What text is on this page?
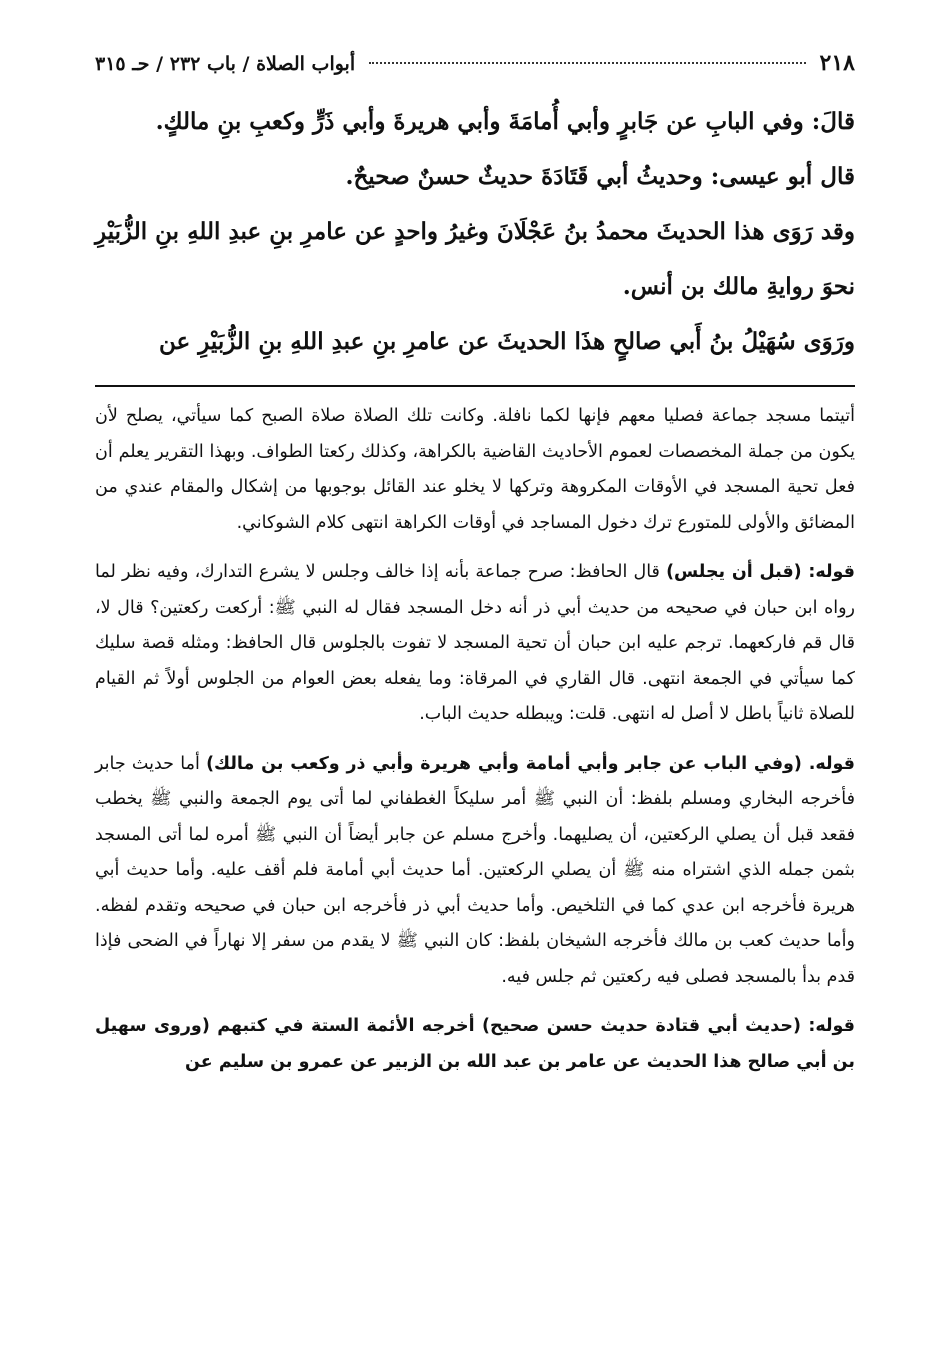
٢١٨
أبواب الصلاة / باب ٢٣٢ / حـ ٣١٥

قالَ: وفي البابِ عن جَابرٍ وأبي أُمامَةَ وأبي هريرةَ وأبي ذَرٍّ وكعبِ بنِ مالكٍ.

قال أبو عيسى: وحديثُ أبي قَتَادَةَ حديثٌ حسنٌ صحيحٌ.

وقد رَوَى هذا الحديثَ محمدُ بنُ عَجْلَانَ وغيرُ واحدٍ عن عامرِ بنِ عبدِ اللهِ بنِ الزُّبَيْرِ نحوَ روايةِ مالك بن أنس.

ورَوَى سُهَيْلُ بنُ أَبي صالحٍ هذَا الحديثَ عن عامرِ بنِ عبدِ اللهِ بنِ الزُّبَيْرِ عن

أتيتما مسجد جماعة فصليا معهم فإنها لكما نافلة. وكانت تلك الصلاة صلاة الصبح كما سيأتي، يصلح لأن يكون من جملة المخصصات لعموم الأحاديث القاضية بالكراهة، وكذلك ركعتا الطواف. وبهذا التقرير يعلم أن فعل تحية المسجد في الأوقات المكروهة وتركها لا يخلو عند القائل بوجوبها من إشكال والمقام عندي من المضائق والأولى للمتورع ترك دخول المساجد في أوقات الكراهة انتهى كلام الشوكاني.

قوله: (قبل أن يجلس) قال الحافظ: صرح جماعة بأنه إذا خالف وجلس لا يشرع التدارك، وفيه نظر لما رواه ابن حبان في صحيحه من حديث أبي ذر أنه دخل المسجد فقال له النبي ﷺ: أركعت ركعتين؟ قال لا، قال قم فاركعهما. ترجم عليه ابن حبان أن تحية المسجد لا تفوت بالجلوس قال الحافظ: ومثله قصة سليك كما سيأتي في الجمعة انتهى. قال القاري في المرقاة: وما يفعله بعض العوام من الجلوس أولاً ثم القيام للصلاة ثانياً باطل لا أصل له انتهى. قلت: ويبطله حديث الباب.

قوله. (وفي الباب عن جابر وأبي أمامة وأبي هريرة وأبي ذر وكعب بن مالك) أما حديث جابر فأخرجه البخاري ومسلم بلفظ: أن النبي ﷺ أمر سليكاً الغطفاني لما أتى يوم الجمعة والنبي ﷺ يخطب فقعد قبل أن يصلي الركعتين، أن يصليهما. وأخرج مسلم عن جابر أيضاً أن النبي ﷺ أمره لما أتى المسجد بثمن جمله الذي اشتراه منه ﷺ أن يصلي الركعتين. أما حديث أبي أمامة فلم أقف عليه. وأما حديث أبي هريرة فأخرجه ابن عدي كما في التلخيص. وأما حديث أبي ذر فأخرجه ابن حبان في صحيحه وتقدم لفظه. وأما حديث كعب بن مالك فأخرجه الشيخان بلفظ: كان النبي ﷺ لا يقدم من سفر إلا نهاراً في الضحى فإذا قدم بدأ بالمسجد فصلى فيه ركعتين ثم جلس فيه.

قوله: (حديث أبي قتادة حديث حسن صحيح) أخرجه الأئمة الستة في كتبهم (وروى سهيل بن أبي صالح هذا الحديث عن عامر بن عبد الله بن الزبير عن عمرو بن سليم عن
